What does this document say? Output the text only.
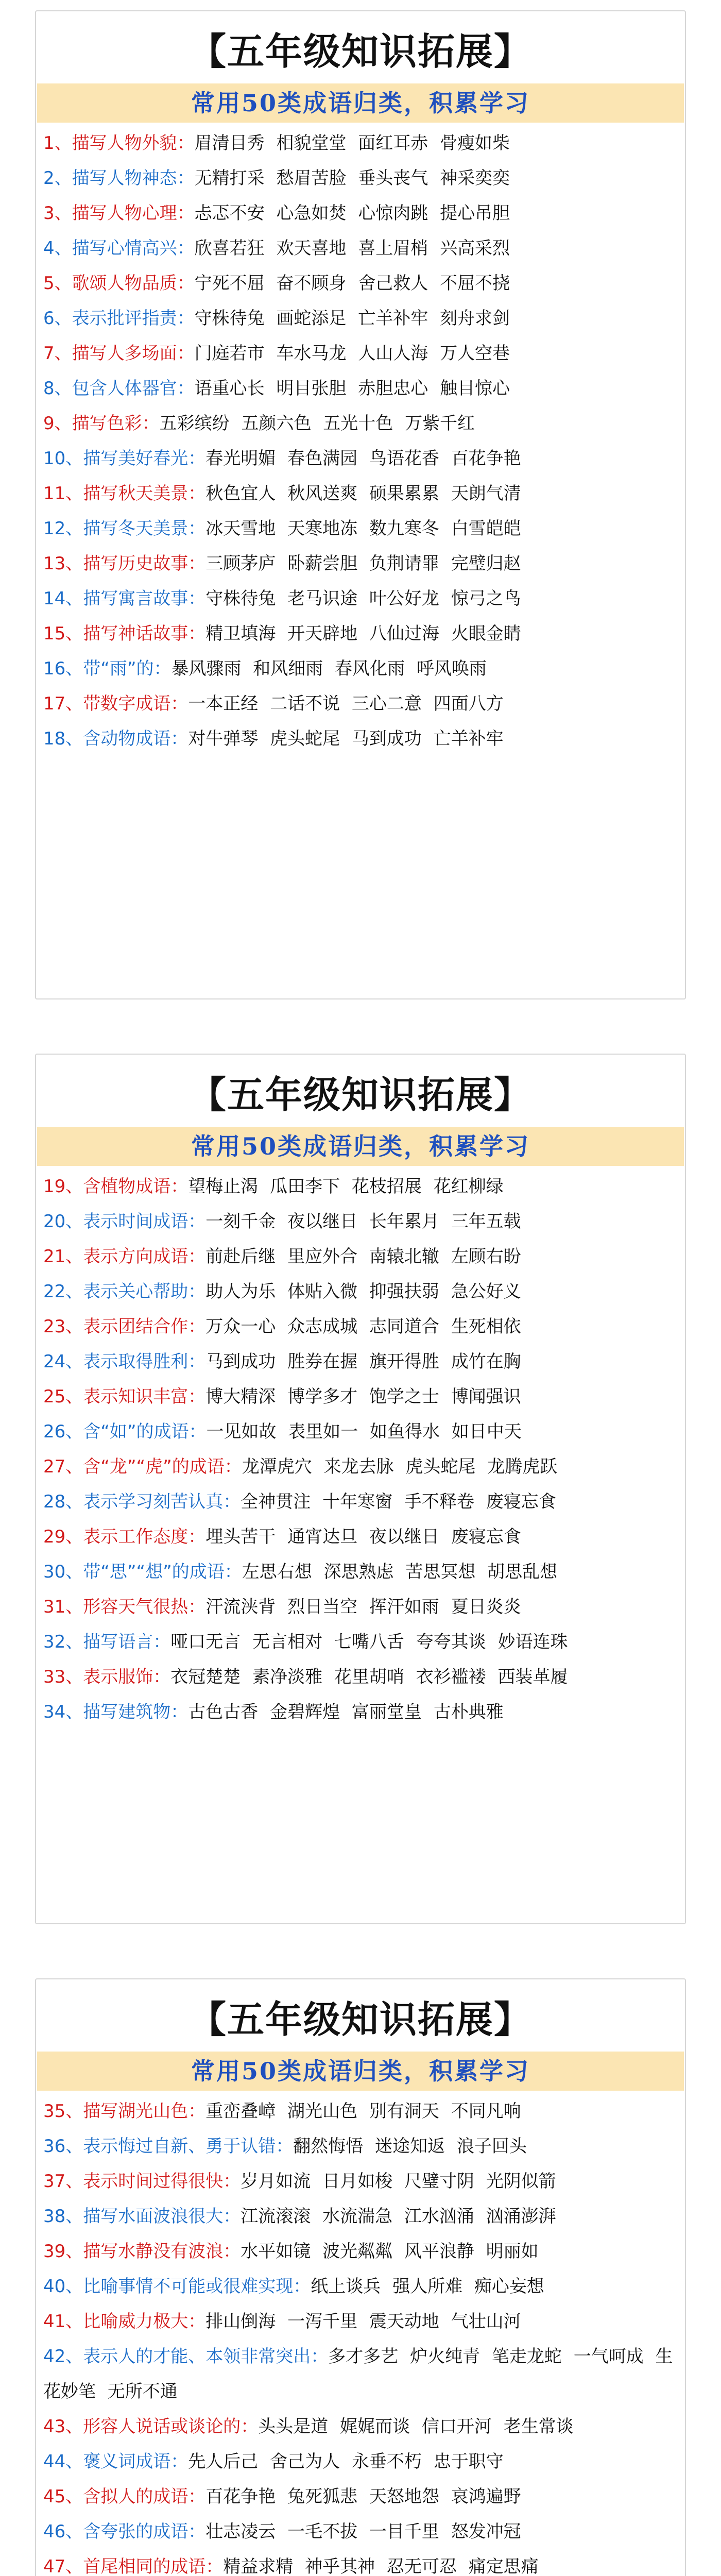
【五年级知识拓展】
常用50类成语归类，积累学习
1、描写人物外貌：眉清目秀 相貌堂堂 面红耳赤 骨瘦如柴
2、描写人物神态：无精打采 愁眉苦脸 垂头丧气 神采奕奕
3、描写人物心理：忐忑不安 心急如焚 心惊肉跳 提心吊胆
4、描写心情高兴：欣喜若狂 欢天喜地 喜上眉梢 兴高采烈
5、歌颂人物品质：宁死不屈 奋不顾身 舍己救人 不屈不挠
6、表示批评指责：守株待兔 画蛇添足 亡羊补牢 刻舟求剑
7、描写人多场面：门庭若市 车水马龙 人山人海 万人空巷
8、包含人体器官：语重心长 明目张胆 赤胆忠心 触目惊心
9、描写色彩：五彩缤纷 五颜六色 五光十色 万紫千红
10、描写美好春光：春光明媚 春色满园 鸟语花香 百花争艳
11、描写秋天美景：秋色宜人 秋风送爽 硕果累累 天朗气清
12、描写冬天美景：冰天雪地 天寒地冻 数九寒冬 白雪皑皑
13、描写历史故事：三顾茅庐 卧薪尝胆 负荆请罪 完璧归赵
14、描写寓言故事：守株待兔 老马识途 叶公好龙 惊弓之鸟
15、描写神话故事：精卫填海 开天辟地 八仙过海 火眼金睛
16、带“雨”的：暴风骤雨 和风细雨 春风化雨 呼风唤雨
17、带数字成语：一本正经 二话不说 三心二意 四面八方
18、含动物成语：对牛弹琴 虎头蛇尾 马到成功 亡羊补牢
【五年级知识拓展】
常用50类成语归类，积累学习
19、含植物成语：望梅止渴 瓜田李下 花枝招展 花红柳绿
20、表示时间成语：一刻千金 夜以继日 长年累月 三年五载
21、表示方向成语：前赴后继 里应外合 南辕北辙 左顾右盼
22、表示关心帮助：助人为乐 体贴入微 抑强扶弱 急公好义
23、表示团结合作：万众一心 众志成城 志同道合 生死相依
24、表示取得胜利：马到成功 胜券在握 旗开得胜 成竹在胸
25、表示知识丰富：博大精深 博学多才 饱学之士 博闻强识
26、含“如”的成语：一见如故 表里如一 如鱼得水 如日中天
27、含“龙”“虎”的成语：龙潭虎穴 来龙去脉 虎头蛇尾 龙腾虎跃
28、表示学习刻苦认真：全神贯注 十年寒窗 手不释卷 废寝忘食
29、表示工作态度：埋头苦干 通宵达旦 夜以继日 废寝忘食
30、带“思”“想”的成语：左思右想 深思熟虑 苦思冥想 胡思乱想
31、形容天气很热：汗流浃背 烈日当空 挥汗如雨 夏日炎炎
32、描写语言：哑口无言 无言相对 七嘴八舌 夸夸其谈 妙语连珠
33、表示服饰：衣冠楚楚 素净淡雅 花里胡哨 衣衫褴褛 西装革履
34、描写建筑物：古色古香 金碧辉煌 富丽堂皇 古朴典雅
【五年级知识拓展】
常用50类成语归类，积累学习
35、描写湖光山色：重峦叠嶂 湖光山色 别有洞天 不同凡响
36、表示悔过自新、勇于认错：翻然悔悟 迷途知返 浪子回头
37、表示时间过得很快：岁月如流 日月如梭 尺璧寸阴 光阴似箭
38、描写水面波浪很大：江流滚滚 水流湍急 江水汹涌 汹涌澎湃
39、描写水静没有波浪：水平如镜 波光粼粼 风平浪静 明丽如
40、比喻事情不可能或很难实现：纸上谈兵 强人所难 痴心妄想
41、比喻威力极大：排山倒海 一泻千里 震天动地 气壮山河
42、表示人的才能、本领非常突出：多才多艺 炉火纯青 笔走龙蛇 一气呵成 生花妙笔 无所不通
43、形容人说话或谈论的：头头是道 娓娓而谈 信口开河 老生常谈
44、褒义词成语：先人后己 舍己为人 永垂不朽 忠于职守
45、含拟人的成语：百花争艳 兔死狐悲 天怒地怨 哀鸿遍野
46、含夸张的成语：壮志凌云 一毛不拔 一目千里 怒发冲冠
47、首尾相同的成语：精益求精 神乎其神 忍无可忍 痛定思痛
